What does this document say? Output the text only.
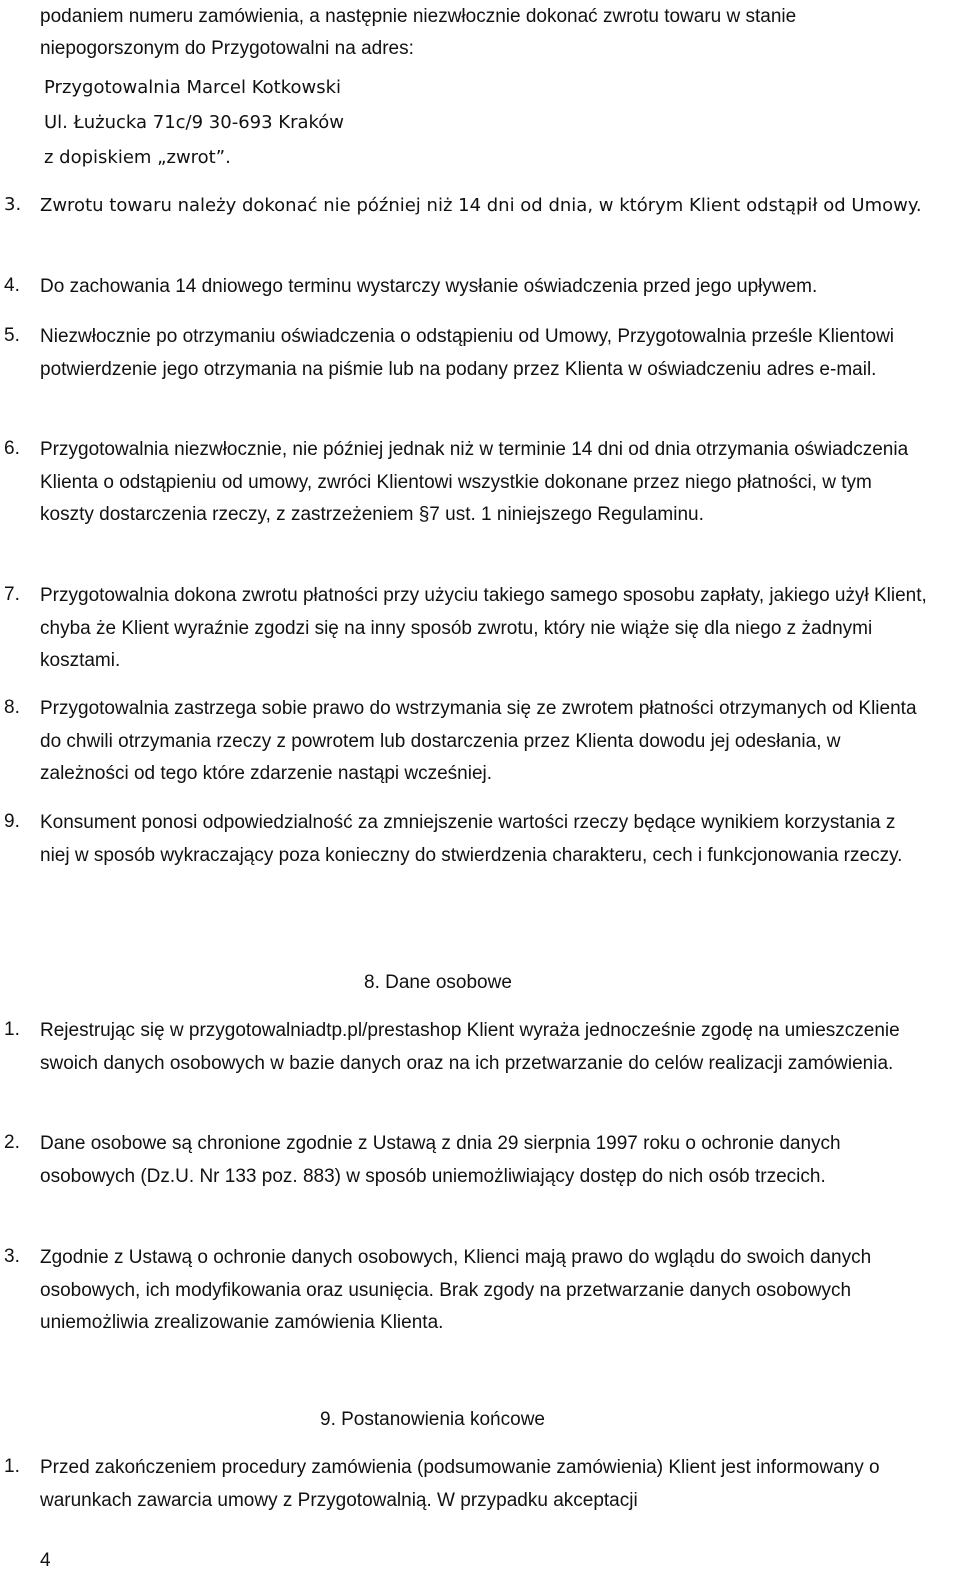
podaniem numeru zamówienia, a następnie niezwłocznie dokonać zwrotu towaru w stanie
niepogorszonym do Przygotowalni na adres:
Przygotowalnia Marcel Kotkowski
Ul. Łużucka 71c/9 30-693 Kraków
z dopiskiem „zwrot”.
3. Zwrotu towaru należy dokonać nie później niż 14 dni od dnia, w którym Klient odstąpił od Umowy.
4. Do zachowania 14 dniowego terminu wystarczy wysłanie oświadczenia przed jego upływem.
5. Niezwłocznie po otrzymaniu oświadczenia o odstąpieniu od Umowy, Przygotowalnia prześle Klientowi potwierdzenie jego otrzymania na piśmie lub na podany przez Klienta w oświadczeniu adres e-mail.
6. Przygotowalnia niezwłocznie, nie później jednak niż w terminie 14 dni od dnia otrzymania oświadczenia Klienta o odstąpieniu od umowy, zwróci Klientowi wszystkie dokonane przez niego płatności, w tym koszty dostarczenia rzeczy, z zastrzeżeniem §7 ust. 1 niniejszego Regulaminu.
7. Przygotowalnia dokona zwrotu płatności przy użyciu takiego samego sposobu zapłaty, jakiego użył Klient, chyba że Klient wyraźnie zgodzi się na inny sposób zwrotu, który nie wiąże się dla niego z żadnymi kosztami.
8. Przygotowalnia zastrzega sobie prawo do wstrzymania się ze zwrotem płatności otrzymanych od Klienta do chwili otrzymania rzeczy z powrotem lub dostarczenia przez Klienta dowodu jej odesłania, w zależności od tego które zdarzenie nastąpi wcześniej.
9. Konsument ponosi odpowiedzialność za zmniejszenie wartości rzeczy będące wynikiem korzystania z niej w sposób wykraczający poza konieczny do stwierdzenia charakteru, cech i funkcjonowania rzeczy.
8. Dane osobowe
1. Rejestrując się w przygotowalniadtp.pl/prestashop Klient wyraża jednocześnie zgodę na umieszczenie swoich danych osobowych w bazie danych oraz na ich przetwarzanie do celów realizacji zamówienia.
2. Dane osobowe są chronione zgodnie z Ustawą z dnia 29 sierpnia 1997 roku o ochronie danych osobowych (Dz.U. Nr 133 poz. 883) w sposób uniemożliwiający dostęp do nich osób trzecich.
3. Zgodnie z Ustawą o ochronie danych osobowych, Klienci mają prawo do wglądu do swoich danych osobowych, ich modyfikowania oraz usunięcia. Brak zgody na przetwarzanie danych osobowych uniemożliwia zrealizowanie zamówienia Klienta.
9. Postanowienia końcowe
1. Przed zakończeniem procedury zamówienia (podsumowanie zamówienia) Klient jest informowany o warunkach zawarcia umowy z Przygotowalnią. W przypadku akceptacji
4
